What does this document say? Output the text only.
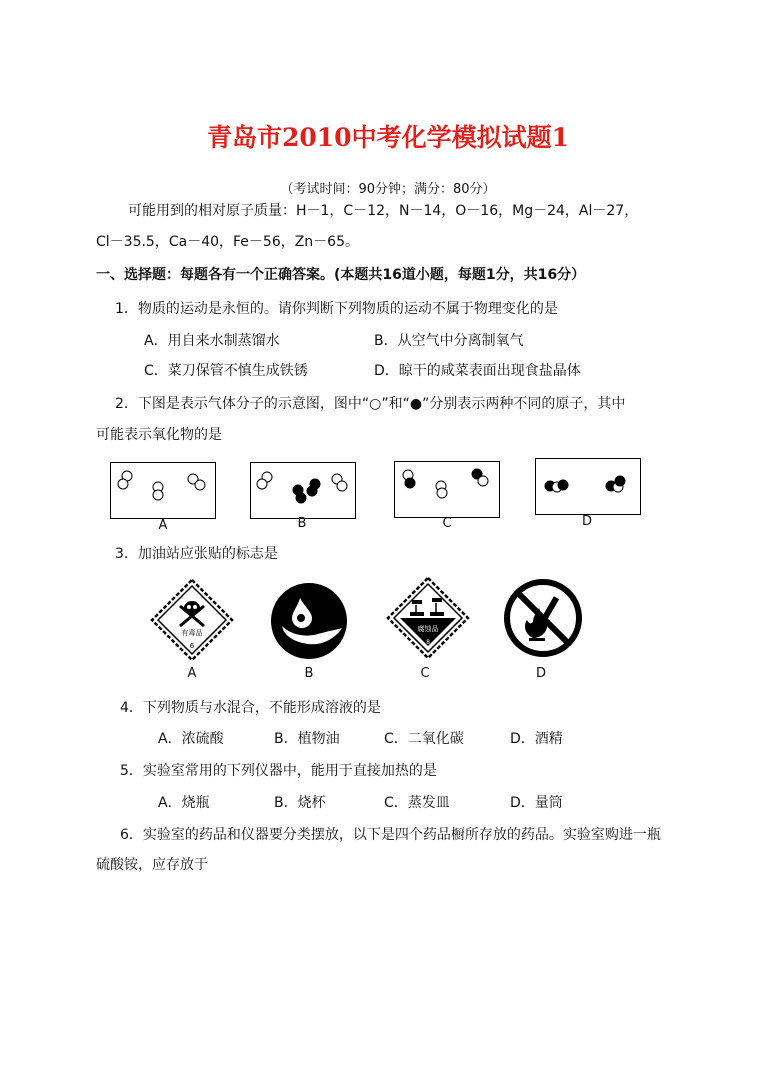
青岛市2010中考化学模拟试题1
（考试时间：90分钟；满分：80分）
可能用到的相对原子质量：H－1，C－12，N－14，O－16，Mg－24，Al－27，
Cl－35.5，Ca－40，Fe－56，Zn－65。
一、选择题：每题各有一个正确答案。(本题共16道小题，每题1分，共16分）
1．物质的运动是永恒的。请你判断下列物质的运动不属于物理变化的是
A．用自来水制蒸馏水	B．从空气中分离制氧气
C．菜刀保管不慎生成铁锈	D．晾干的咸菜表面出现食盐晶体
2．下图是表示气体分子的示意图，图中“○”和“●”分别表示两种不同的原子，其中
可能表示氧化物的是
A	B	C	D
3．加油站应张贴的标志是
有毒品
6
腐蚀品
8
A	B	C	D
4．下列物质与水混合，不能形成溶液的是
A．浓硫酸	B．植物油	C．二氧化碳	D．酒精
5．实验室常用的下列仪器中，能用于直接加热的是
A．烧瓶	B．烧杯	C．蒸发皿	D．量筒
6．实验室的药品和仪器要分类摆放，以下是四个药品橱所存放的药品。实验室购进一瓶
硫酸铵，应存放于
